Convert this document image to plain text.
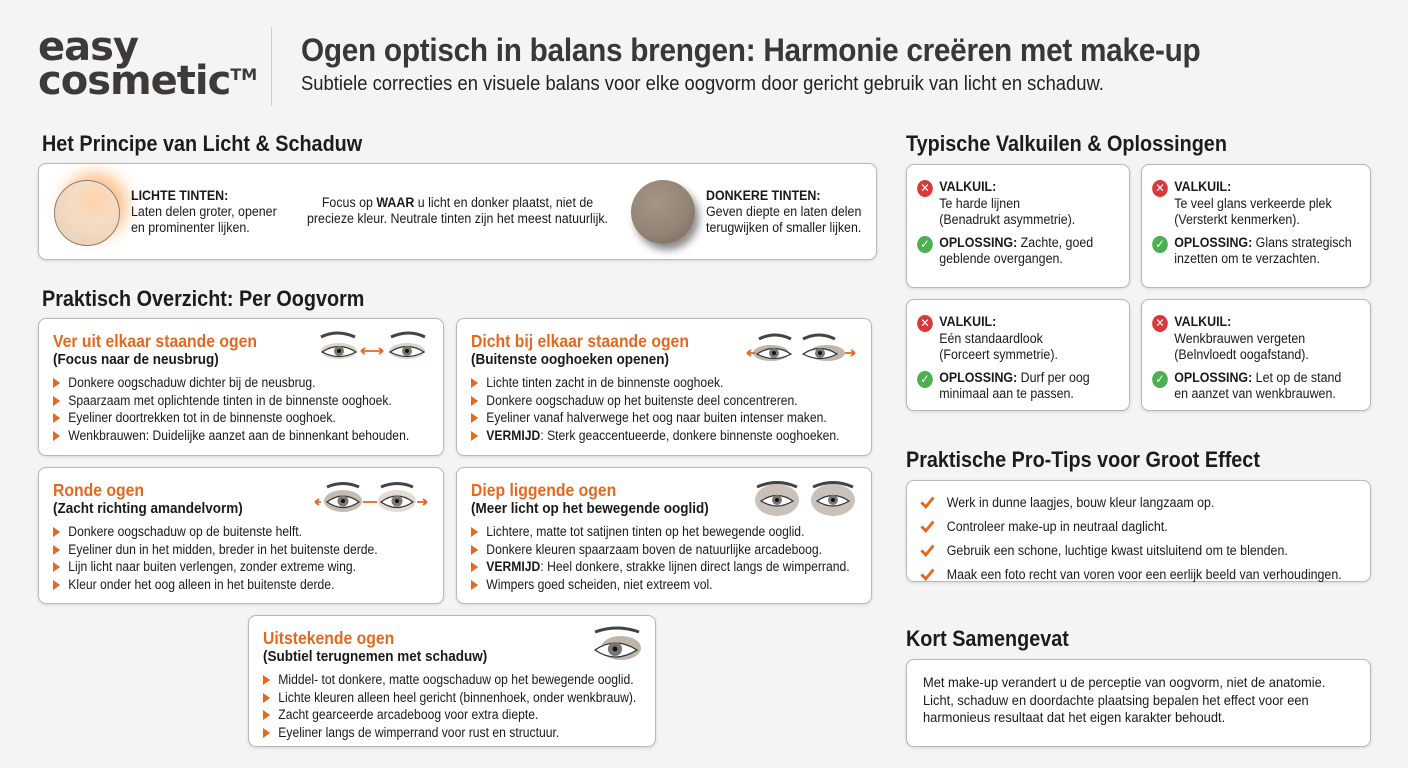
easy
cosmetic™
Ogen optisch in balans brengen: Harmonie creëren met make-up
Subtiele correcties en visuele balans voor elke oogvorm door gericht gebruik van licht en schaduw.
Het Principe van Licht & Schaduw
LICHTE TINTEN:
Laten delen groter, opener en prominenter lijken.
Focus op WAAR u licht en donker plaatst, niet de precieze kleur. Neutrale tinten zijn het meest natuurlijk.
DONKERE TINTEN:
Geven diepte en laten delen terugwijken of smaller lijken.
Praktisch Overzicht: Per Oogvorm
Ver uit elkaar staande ogen
(Focus naar de neusbrug)
Donkere oogschaduw dichter bij de neusbrug.
Spaarzaam met oplichtende tinten in de binnenste ooghoek.
Eyeliner doortrekken tot in de binnenste ooghoek.
Wenkbrauwen: Duidelijke aanzet aan de binnenkant behouden.
Dicht bij elkaar staande ogen
(Buitenste ooghoeken openen)
Lichte tinten zacht in de binnenste ooghoek.
Donkere oogschaduw op het buitenste deel concentreren.
Eyeliner vanaf halverwege het oog naar buiten intenser maken.
VERMIJD: Sterk geaccentueerde, donkere binnenste ooghoeken.
Ronde ogen
(Zacht richting amandelvorm)
Donkere oogschaduw op de buitenste helft.
Eyeliner dun in het midden, breder in het buitenste derde.
Lijn licht naar buiten verlengen, zonder extreme wing.
Kleur onder het oog alleen in het buitenste derde.
Diep liggende ogen
(Meer licht op het bewegende ooglid)
Lichtere, matte tot satijnen tinten op het bewegende ooglid.
Donkere kleuren spaarzaam boven de natuurlijke arcadeboog.
VERMIJD: Heel donkere, strakke lijnen direct langs de wimperrand.
Wimpers goed scheiden, niet extreem vol.
Uitstekende ogen
(Subtiel terugnemen met schaduw)
Middel- tot donkere, matte oogschaduw op het bewegende ooglid.
Lichte kleuren alleen heel gericht (binnenhoek, onder wenkbrauw).
Zacht gearceerde arcadeboog voor extra diepte.
Eyeliner langs de wimperrand voor rust en structuur.
Typische Valkuilen & Oplossingen
✕ VALKUIL:
Te harde lijnen
(Benadrukt asymmetrie).
✓ OPLOSSING: Zachte, goed
geblende overgangen.
✕ VALKUIL:
Te veel glans verkeerde plek
(Versterkt kenmerken).
✓ OPLOSSING: Glans strategisch
inzetten om te verzachten.
✕ VALKUIL:
Eén standaardlook
(Forceert symmetrie).
✓ OPLOSSING: Durf per oog
minimaal aan te passen.
✕ VALKUIL:
Wenkbrauwen vergeten
(Belnvloedt oogafstand).
✓ OPLOSSING: Let op de stand
en aanzet van wenkbrauwen.
Praktische Pro-Tips voor Groot Effect
Werk in dunne laagjes, bouw kleur langzaam op.
Controleer make-up in neutraal daglicht.
Gebruik een schone, luchtige kwast uitsluitend om te blenden.
Maak een foto recht van voren voor een eerlijk beeld van verhoudingen.
Kort Samengevat

Met make-up verandert u de perceptie van oogvorm, niet de anatomie. Licht, schaduw en doordachte plaatsing bepalen het effect voor een harmonieus resultaat dat het eigen karakter behoudt.
